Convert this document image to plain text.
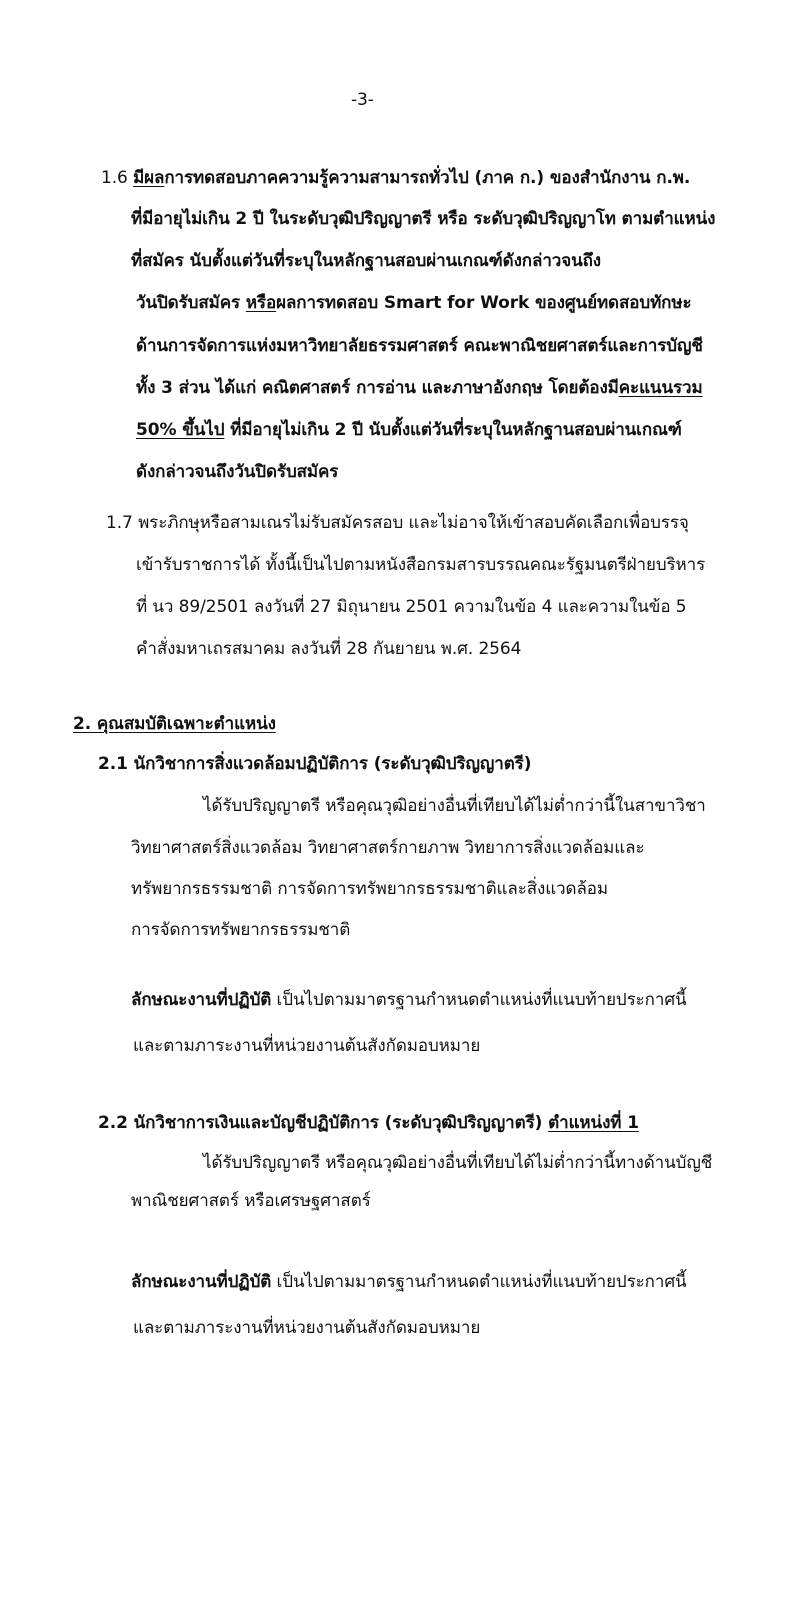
-3-
1.6 มีผลการทดสอบภาคความรู้ความสามารถทั่วไป (ภาค ก.) ของสำนักงาน ก.พ.
ที่มีอายุไม่เกิน 2 ปี ในระดับวุฒิปริญญาตรี หรือ ระดับวุฒิปริญญาโท ตามตำแหน่ง
ที่สมัคร นับตั้งแต่วันที่ระบุในหลักฐานสอบผ่านเกณฑ์ดังกล่าวจนถึง
วันปิดรับสมัคร หรือผลการทดสอบ Smart for Work ของศูนย์ทดสอบทักษะ
ด้านการจัดการแห่งมหาวิทยาลัยธรรมศาสตร์ คณะพาณิชยศาสตร์และการบัญชี
ทั้ง 3 ส่วน ได้แก่ คณิตศาสตร์ การอ่าน และภาษาอังกฤษ โดยต้องมีคะแนนรวม
50% ขึ้นไป ที่มีอายุไม่เกิน 2 ปี นับตั้งแต่วันที่ระบุในหลักฐานสอบผ่านเกณฑ์
ดังกล่าวจนถึงวันปิดรับสมัคร
1.7 พระภิกษุหรือสามเณรไม่รับสมัครสอบ และไม่อาจให้เข้าสอบคัดเลือกเพื่อบรรจุ
เข้ารับราชการได้ ทั้งนี้เป็นไปตามหนังสือกรมสารบรรณคณะรัฐมนตรีฝ่ายบริหาร
ที่ นว 89/2501 ลงวันที่ 27 มิถุนายน 2501 ความในข้อ 4 และความในข้อ 5
คำสั่งมหาเถรสมาคม ลงวันที่ 28 กันยายน พ.ศ. 2564
2. คุณสมบัติเฉพาะตำแหน่ง
2.1 นักวิชาการสิ่งแวดล้อมปฏิบัติการ (ระดับวุฒิปริญญาตรี)
ได้รับปริญญาตรี หรือคุณวุฒิอย่างอื่นที่เทียบได้ไม่ต่ำกว่านี้ในสาขาวิชา
วิทยาศาสตร์สิ่งแวดล้อม วิทยาศาสตร์กายภาพ วิทยาการสิ่งแวดล้อมและ
ทรัพยากรธรรมชาติ การจัดการทรัพยากรธรรมชาติและสิ่งแวดล้อม
การจัดการทรัพยากรธรรมชาติ
ลักษณะงานที่ปฏิบัติ เป็นไปตามมาตรฐานกำหนดตำแหน่งที่แนบท้ายประกาศนี้
และตามภาระงานที่หน่วยงานต้นสังกัดมอบหมาย
2.2 นักวิชาการเงินและบัญชีปฏิบัติการ (ระดับวุฒิปริญญาตรี) ตำแหน่งที่ 1
ได้รับปริญญาตรี หรือคุณวุฒิอย่างอื่นที่เทียบได้ไม่ต่ำกว่านี้ทางด้านบัญชี
พาณิชยศาสตร์ หรือเศรษฐศาสตร์
ลักษณะงานที่ปฏิบัติ เป็นไปตามมาตรฐานกำหนดตำแหน่งที่แนบท้ายประกาศนี้
และตามภาระงานที่หน่วยงานต้นสังกัดมอบหมาย
